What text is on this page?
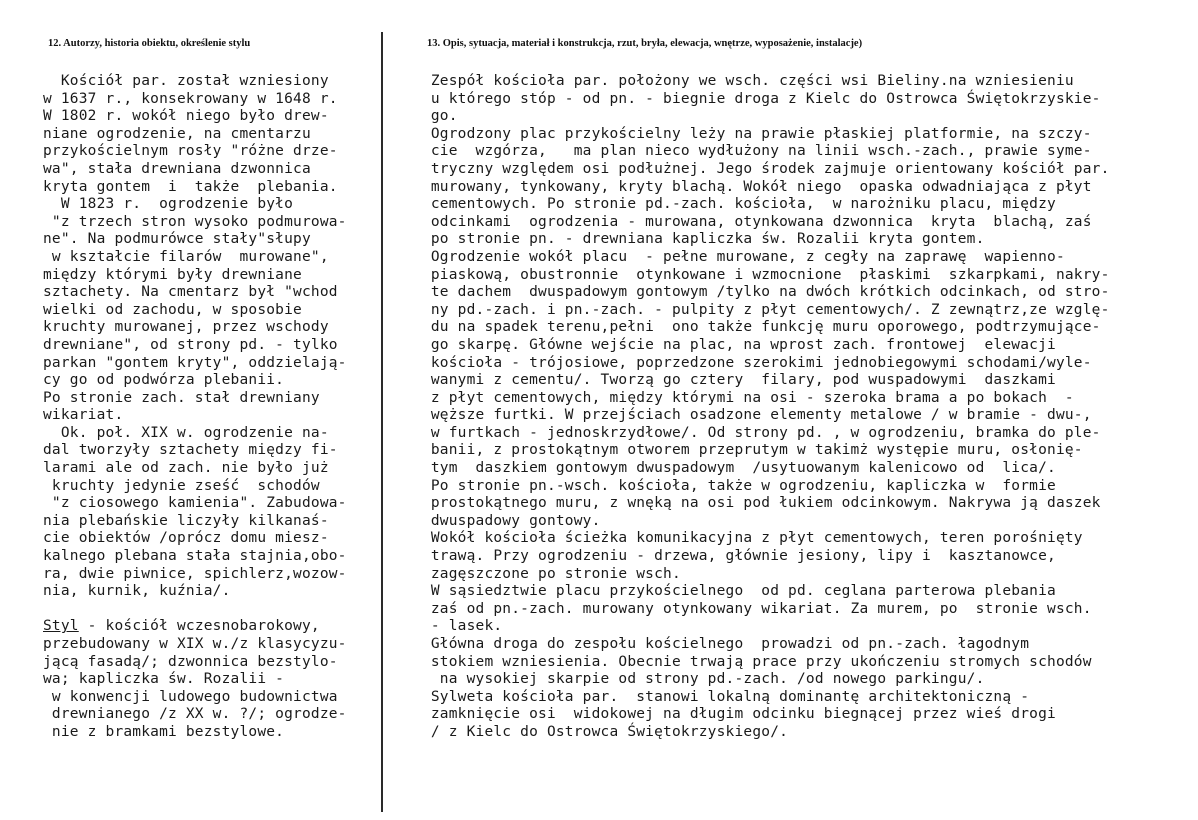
12. Autorzy, historia obiektu, określenie stylu	13. Opis, sytuacja, materiał i konstrukcja, rzut, bryła, elewacja, wnętrze, wyposażenie, instalacje)
Kościół par. został wzniesiony
w 1637 r., konsekrowany w 1648 r.
W 1802 r. wokół niego było drew-
niane ogrodzenie, na cmentarzu
przykościelnym rosły "różne drze-
wa", stała drewniana dzwonnica
kryta gontem  i  także  plebania.
W 1823 r.  ogrodzenie było
"z trzech stron wysoko podmurowa-
ne". Na podmurówce stały"słupy
w kształcie filarów  murowane",
między którymi były drewniane
sztachety. Na cmentarz był "wchod
wielki od zachodu, w sposobie
kruchty murowanej, przez wschody
drewniane", od strony pd. - tylko
parkan "gontem kryty", oddzielają-
cy go od podwórza plebanii.
Po stronie zach. stał drewniany
wikariat.
Ok. poł. XIX w. ogrodzenie na-
dal tworzyły sztachety między fi-
larami ale od zach. nie było już
kruchty jedynie zseść  schodów
"z ciosowego kamienia". Zabudowa-
nia plebańskie liczyły kilkanaś-
cie obiektów /oprócz domu miesz-
kalnego plebana stała stajnia,obo-
ra, dwie piwnice, spichlerz,wozow-
nia, kurnik, kuźnia/.
Styl - kościół wczesnobarokowy,
przebudowany w XIX w./z klasycyzu-
jącą fasadą/; dzwonnica bezstylo-
wa; kapliczka św. Rozalii -
w konwencji ludowego budownictwa
drewnianego /z XX w. ?/; ogrodze-
nie z bramkami bezstylowe.
Zespół kościoła par. położony we wsch. części wsi Bieliny.na wzniesieniu
u którego stóp - od pn. - biegnie droga z Kielc do Ostrowca Świętokrzyskie-
go.
Ogrodzony plac przykościelny leży na prawie płaskiej platformie, na szczy-
cie  wzgórza,   ma plan nieco wydłużony na linii wsch.-zach., prawie syme-
tryczny względem osi podłużnej. Jego środek zajmuje orientowany kościół par.
murowany, tynkowany, kryty blachą. Wokół niego  opaska odwadniająca z płyt
cementowych. Po stronie pd.-zach. kościoła,  w narożniku placu, między
odcinkami  ogrodzenia - murowana, otynkowana dzwonnica  kryta  blachą, zaś
po stronie pn. - drewniana kapliczka św. Rozalii kryta gontem.
Ogrodzenie wokół placu  - pełne murowane, z cegły na zaprawę  wapienno-
piaskową, obustronnie  otynkowane i wzmocnione  płaskimi  szkarpkami, nakry-
te dachem  dwuspadowym gontowym /tylko na dwóch krótkich odcinkach, od stro-
ny pd.-zach. i pn.-zach. - pulpity z płyt cementowych/. Z zewnątrz,ze wzglę-
du na spadek terenu,pełni  ono także funkcję muru oporowego, podtrzymujące-
go skarpę. Główne wejście na plac, na wprost zach. frontowej  elewacji
kościoła - trójosiowe, poprzedzone szerokimi jednobiegowymi schodami/wyle-
wanymi z cementu/. Tworzą go cztery  filary, pod wuspadowymi  daszkami
z płyt cementowych, między którymi na osi - szeroka brama a po bokach  -
węższe furtki. W przejściach osadzone elementy metalowe / w bramie - dwu-,
w furtkach - jednoskrzydłowe/. Od strony pd. , w ogrodzeniu, bramka do ple-
banii, z prostokątnym otworem przeprutym w takimż występie muru, osłonię-
tym  daszkiem gontowym dwuspadowym  /usytuowanym kalenicowo od  lica/.
Po stronie pn.-wsch. kościoła, także w ogrodzeniu, kapliczka w  formie
prostokątnego muru, z wnęką na osi pod łukiem odcinkowym. Nakrywa ją daszek
dwuspadowy gontowy.
Wokół kościoła ścieżka komunikacyjna z płyt cementowych, teren porośnięty
trawą. Przy ogrodzeniu - drzewa, głównie jesiony, lipy i  kasztanowce,
zagęszczone po stronie wsch.
W sąsiedztwie placu przykościelnego  od pd. ceglana parterowa plebania
zaś od pn.-zach. murowany otynkowany wikariat. Za murem, po  stronie wsch.
- lasek.
Główna droga do zespołu kościelnego  prowadzi od pn.-zach. łagodnym
stokiem wzniesienia. Obecnie trwają prace przy ukończeniu stromych schodów
na wysokiej skarpie od strony pd.-zach. /od nowego parkingu/.
Sylweta kościoła par.  stanowi lokalną dominantę architektoniczną -
zamknięcie osi  widokowej na długim odcinku biegnącej przez wieś drogi
/ z Kielc do Ostrowca Świętokrzyskiego/.
